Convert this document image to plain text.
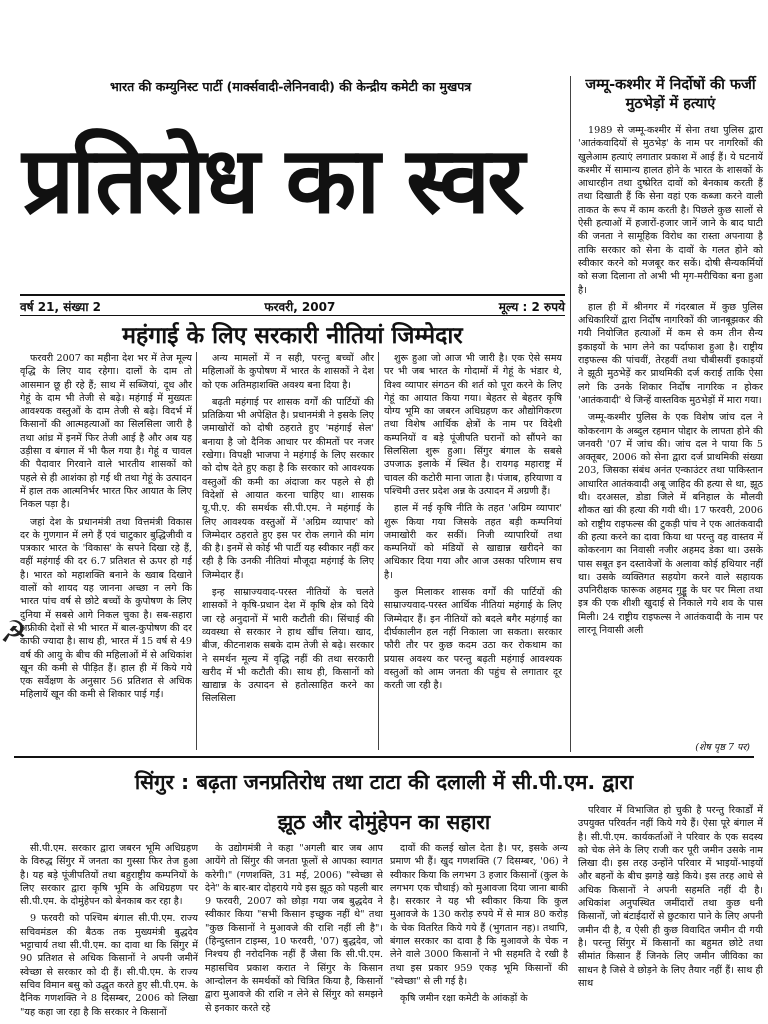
भारत की कम्युनिस्ट पार्टी (मार्क्सवादी-लेनिनवादी) की केन्द्रीय कमेटी का मुखपत्र
प्रतिरोध का स्वर
वर्ष 21, संख्या 2	फरवरी, 2007	मूल्य : 2 रुपये
महंगाई के लिए सरकारी नीतियां जिम्मेदार

फरवरी 2007 का महीना देश भर में तेज मूल्य वृद्धि के लिए याद रहेगा। दालों के दाम तो आसमान छू ही रहे हैं; साथ में सब्जियां, दूध और गेहूं के दाम भी तेजी से बढ़े। महंगाई में मुख्यतः आवश्यक वस्तुओं के दाम तेजी से बढ़े। विदर्भ में किसानों की आत्महत्याओं का सिलसिला जारी है तथा आंध्र में इनमें फिर तेजी आई है और अब यह उड़ीसा व बंगाल में भी फैल गया है। गेहूं व चावल की पैदावार गिरवाने वाले भारतीय शासकों को पहले से ही आशंका हो गई थी तथा गेहूं के उत्पादन में हाल तक आत्मनिर्भर भारत फिर आयात के लिए निकल पड़ा है।

जहां देश के प्रधानमंत्री तथा वित्तमंत्री विकास दर के गुणगान में लगे हैं एवं चाटुकार बुद्धिजीवी व पत्रकार भारत के 'विकास' के सपने दिखा रहे हैं, वहीं महंगाई की दर 6.7 प्रतिशत से ऊपर हो गई है। भारत को महाशक्ति बनाने के ख्वाब दिखाने वालों को शायद यह जानना अच्छा न लगे कि भारत पांच वर्ष से छोटे बच्चों के कुपोषण के लिए दुनिया में सबसे आगे निकल चुका है। सब-सहारा अफ्रीकी देशों से भी भारत में बाल-कुपोषण की दर काफी ज्यादा है। साथ ही, भारत में 15 वर्ष से 49 वर्ष की आयु के बीच की महिलाओं में से अधिकांश खून की कमी से पीड़ित हैं। हाल ही में किये गये एक सर्वेक्षण के अनुसार 56 प्रतिशत से अधिक महिलायें खून की कमी से शिकार पाई गईं।

अन्य मामलों में न सही, परन्तु बच्चों और महिलाओं के कुपोषण में भारत के शासकों ने देश को एक अतिमहाशक्ति अवश्य बना दिया है।

बढ़ती महंगाई पर शासक वर्गों की पार्टियों की प्रतिक्रिया भी अपेक्षित है। प्रधानमंत्री ने इसके लिए जमाखोरों को दोषी ठहराते हुए 'महंगाई सेल' बनाया है जो दैनिक आधार पर कीमतों पर नजर रखेगा। विपक्षी भाजपा ने महंगाई के लिए सरकार को दोष देते हुए कहा है कि सरकार को आवश्यक वस्तुओं की कमी का अंदाजा कर पहले से ही विदेशों से आयात करना चाहिए था। शासक यू.पी.ए. की समर्थक सी.पी.एम. ने महंगाई के लिए आवश्यक वस्तुओं में 'अग्रिम व्यापार' को जिम्मेदार ठहराते हुए इस पर रोक लगाने की मांग की है। इनमें से कोई भी पार्टी यह स्वीकार नहीं कर रही है कि उनकी नीतियां मौजूदा महंगाई के लिए जिम्मेदार हैं।

इन्ह साम्राज्यवाद-परस्त नीतियों के चलते शासकों ने कृषि-प्रधान देश में कृषि क्षेत्र को दिये जा रहे अनुदानों में भारी कटौती की। सिंचाई की व्यवस्था से सरकार ने हाथ खींच लिया। खाद, बीज, कीटनाशक सबके दाम तेजी से बढ़े। सरकार ने समर्थन मूल्य में वृद्धि नहीं की तथा सरकारी खरीद में भी कटौती की। साथ ही, किसानों को खाद्यान्न के उत्पादन से हतोत्साहित करने का सिलसिला

शुरू हुआ जो आज भी जारी है। एक ऐसे समय पर भी जब भारत के गोदामों में गेहूं के भंडार थे, विश्व व्यापार संगठन की शर्त को पूरा करने के लिए गेहूं का आयात किया गया। बेहतर से बेहतर कृषि योग्य भूमि का जबरन अधिग्रहण कर औद्योगिकरण तथा विशेष आर्थिक क्षेत्रों के नाम पर विदेशी कम्पनियों व बड़े पूंजीपति घरानों को सौंपने का सिलसिला शुरू हुआ। सिंगुर बंगाल के सबसे उपजाऊ इलाके में स्थित है। रायगढ़ महाराष्ट्र में चावल की कटोरी माना जाता है। पंजाब, हरियाणा व पश्चिमी उत्तर प्रदेश अन्न के उत्पादन में अग्रणी हैं।

हाल में नई कृषि नीति के तहत 'अग्रिम व्यापार' शुरू किया गया जिसके तहत बड़ी कम्पनियां जमाखोरी कर सकीं। निजी व्यापारियों तथा कम्पनियों को मंडियों से खाद्यान्न खरीदने का अधिकार दिया गया और आज उसका परिणाम सच है।

कुल मिलाकर शासक वर्गों की पार्टियों की साम्राज्यवाद-परस्त आर्थिक नीतियां महंगाई के लिए जिम्मेदार हैं। इन नीतियों को बदले बगैर महंगाई का दीर्घकालीन हल नहीं निकाला जा सकता। सरकार फौरी तौर पर कुछ कदम उठा कर रोकथाम का प्रयास अवश्य कर परन्तु बढ़ती महंगाई आवश्यक वस्तुओं को आम जनता की पहुंच से लगातार दूर करती जा रही है।

☭
जम्मू-कश्मीर में निर्दोषों की फर्जी मुठभेड़ों में हत्याएं

1989 से जम्मू-कश्मीर में सेना तथा पुलिस द्वारा 'आतंकवादियों से मुठभेड़' के नाम पर नागरिकों की खुलेआम हत्याएं लगातार प्रकाश में आई हैं। ये घटनायें कश्मीर में सामान्य हालत होने के भारत के शासकों के आधारहीन तथा दुष्प्रेरित दावों को बेनकाब करती हैं तथा दिखाती हैं कि सेना वहां एक कब्जा करने वाली ताकत के रूप में काम करती है। पिछले कुछ सालों से ऐसी हत्याओं में हजारों-हजार जानें जाने के बाद घाटी की जनता ने सामूहिक विरोध का रास्ता अपनाया है ताकि सरकार को सेना के दावों के गलत होने को स्वीकार करने को मजबूर कर सकें। दोषी सैन्यकर्मियों को सजा दिलाना तो अभी भी मृग-मरीचिका बना हुआ है।

हाल ही में श्रीनगर में गंदरबाल में कुछ पुलिस अधिकारियों द्वारा निर्दोष नागरिकों की जानबूझकर की गयी नियोजित हत्याओं में कम से कम तीन सैन्य इकाइयों के भाग लेने का पर्दाफाश हुआ है। राष्ट्रीय राइफल्स की पांचवीं, तेरहवीं तथा चौबीसवीं इकाइयों ने झूठी मुठभेड़ें कर प्राथमिकी दर्ज कराई ताकि ऐसा लगे कि उनके शिकार निर्दोष नागरिक न होकर 'आतंकवादी' थे जिन्हें वास्तविक मुठभेड़ों में मारा गया।

जम्मू-कश्मीर पुलिस के एक विशेष जांच दल ने कोकरनाग के अब्दुल रहमान पोद्दार के लापता होने की जनवरी '07 में जांच की। जांच दल ने पाया कि 5 अक्तूबर, 2006 को सेना द्वारा दर्ज प्राथमिकी संख्या 203, जिसका संबंध अनंत एन्काउंटर तथा पाकिस्तान आधारित आतंकवादी अबू जाहिद की हत्या से था, झूठ थी। दरअसल, डोडा जिले में बनिहाल के मौलवी शौकत खां की हत्या की गयी थी। 17 फरवरी, 2006 को राष्ट्रीय राइफल्स की टुकड़ी पांच ने एक आतंकवादी की हत्या करने का दावा किया था परन्तु वह वास्तव में कोकरनाग का निवासी नजीर अहमद डेका था। उसके पास सबूत इन दस्तावेजों के अलावा कोई हथियार नहीं था। उसके व्यक्तिगत सहयोग करने वाले सहायक उपनिरीक्षक फारूक अहमद गुड्डू के घर पर मिला तथा इत्र की एक शीशी खुदाई से निकाले गये शव के पास मिली। 24 राष्ट्रीय राइफल्स ने आतंकवादी के नाम पर लारनू निवासी अली

(शेष पृष्ठ 7 पर)
सिंगुर : बढ़ता जनप्रतिरोध तथा टाटा की दलाली में सी.पी.एम. द्वारा
झूठ और दोमुंहेपन का सहारा

सी.पी.एम. सरकार द्वारा जबरन भूमि अधिग्रहण के विरुद्ध सिंगुर में जनता का गुस्सा फिर तेज हुआ है। यह बड़े पूंजीपतियों तथा बहुराष्ट्रीय कम्पनियों के लिए सरकार द्वारा कृषि भूमि के अधिग्रहण पर सी.पी.एम. के दोमुंहेपन को बेनकाब कर रहा है।

9 फरवरी को पश्चिम बंगाल सी.पी.एम. राज्य सचिवमंडल की बैठक तक मुख्यमंत्री बुद्धदेव भट्टाचार्य तथा सी.पी.एम. का दावा था कि सिंगुर में 90 प्रतिशत से अधिक किसानों ने अपनी जमीनें स्वेच्छा से सरकार को दी हैं। सी.पी.एम. के राज्य सचिव विमान बसु को उद्धृत करते हुए सी.पी.एम. के दैनिक गणशक्ति ने 8 दिसम्बर, 2006 को लिखा "यह कहा जा रहा है कि सरकार ने किसानों

के उद्योगमंत्री ने कहा "अगली बार जब आप आयेंगे तो सिंगुर की जनता फूलों से आपका स्वागत करेगी।" (गणशक्ति, 31 मई, 2006) "स्वेच्छा से देने" के बार-बार दोहराये गये इस झूठ को पहली बार 9 फरवरी, 2007 को छोड़ा गया जब बुद्धदेव ने स्वीकार किया "सभी किसान इच्छुक नहीं थे" तथा "कुछ किसानों ने मुआवजे की राशि नहीं ली है"। (हिन्दुस्तान टाइम्स, 10 फरवरी, '07) बुद्धदेव, जो निश्चय ही नरोदनिक नहीं हैं जैसा कि सी.पी.एम. महासचिव प्रकाश करात ने सिंगुर के किसान आन्दोलन के समर्थकों को चित्रित किया है, किसानों द्वारा मुआवजे की राशि न लेने से सिंगुर को समझने से इनकार करते रहे

दावों की कलई खोल देता है। पर, इसके अन्य प्रमाण भी हैं। खुद गणशक्ति (7 दिसम्बर, '06) ने स्वीकार किया कि लगभग 3 हजार किसानों (कुल के लगभग एक चौथाई) को मुआवजा दिया जाना बाकी है। सरकार ने यह भी स्वीकार किया कि कुल मुआवजे के 130 करोड़ रुपये में से मात्र 80 करोड़ के चेक वितरित किये गये हैं (भुगतान नह)। तथापि, बंगाल सरकार का दावा है कि मुआवजे के चेक न लेने वाले 3000 किसानों ने भी सहमति दे रखी है तथा इस प्रकार 959 एकड़ भूमि किसानों की "स्वेच्छा" से ली गई है।

कृषि जमीन रक्षा कमेटी के आंकड़ों के

परिवार में विभाजित हो चुकी है परन्तु रिकार्डों में उपयुक्त परिवर्तन नहीं किये गये हैं। ऐसा पूरे बंगाल में है। सी.पी.एम. कार्यकर्ताओं ने परिवार के एक सदस्य को चेक लेने के लिए राजी कर पूरी जमीन उसके नाम लिखा दी। इस तरह उन्होंने परिवार में भाइयों-भाइयों और बहनों के बीच झगड़े खड़े किये। इस तरह आधे से अधिक किसानों ने अपनी सहमति नहीं दी है। अधिकांश अनुपस्थित जमींदारों तथा कुछ धनी किसानों, जो बंटाईदारों से छुटकारा पाने के लिए अपनी जमीन दी है, व ऐसी ही कुछ विवादित जमीन दी गयी है। परन्तु सिंगुर में किसानों का बहुमत छोटे तथा सीमांत किसान हैं जिनके लिए जमीन जीविका का साधन है जिसे वे छोड़ने के लिए तैयार नहीं हैं। साथ ही साथ
